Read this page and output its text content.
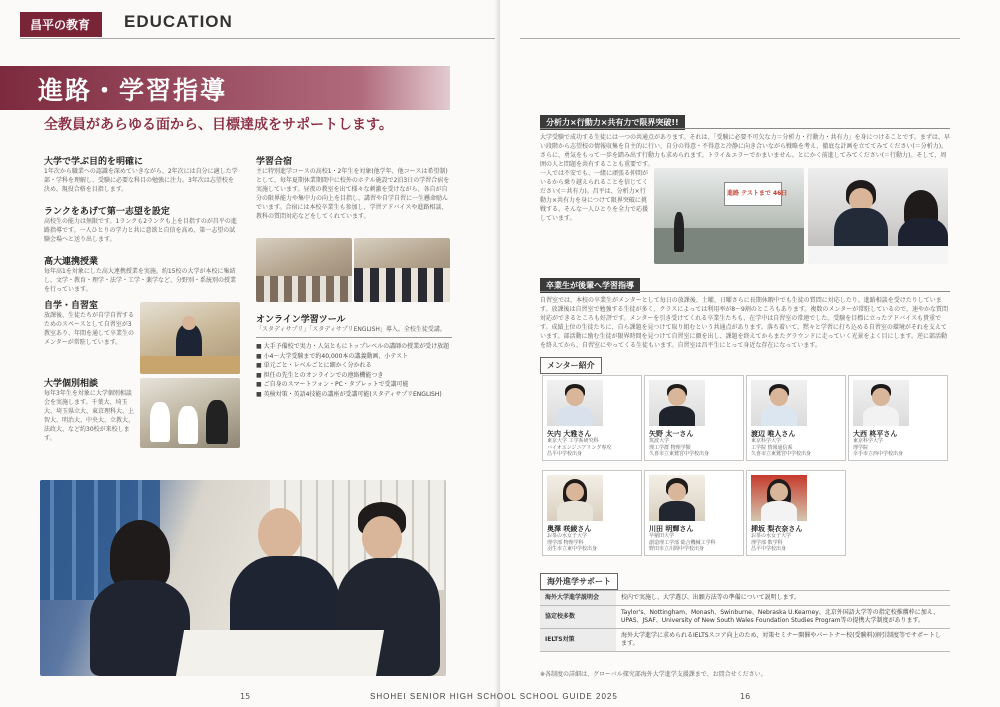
昌平の教育	EDUCATION
進路・学習指導
全教員があらゆる面から、目標達成をサポートします。
大学で学ぶ目的を明確に
1年次から職業への認識を深めていきながら、2年次には自分に適した学部・学科を理解し、受験に必要な科目の勉強に注力。3年次は志望校を決め、現役合格を目指します。
ランクをあげて第一志望を設定
高校生の能力は無限です。1ランクも2ランクも上を目指すのが昌平の進路指導です。一人ひとりの学力と共に意欲と自信を高め、第一志望の試験会場へと送り出します。
高大連携授業
毎年高1を対象にした高大連携授業を実施。約15校の大学が本校に集結し、文学・教育・理学・法学・工学・薬学など、分野別・系統別の授業を行っています。
自学・自習室
放課後、生徒たちが自学自習するためのスペースとして自習室が3教室あり、年間を通して卒業生のメンターが常駐しています。
大学個別相談
毎年3年生を対象に大学個別相談会を実施します。千葉大、埼玉大、埼玉県立大、東京理科大、上智大、明治大、中央大、立教大、法政大、など約30校が来校します。
学習合宿
主に特別進学コースの高校1・2年生を対象(他学年、他コースは希望制)として、毎年夏期休業期間中に校外のホテル施設で2泊3日の学習合宿を実施しています。昼夜の教室を出て様々な刺激を受けながら、各自が自分の限界能力や集中力の向上を目指し、講習や自学自習に一生懸命励んでいます。合宿には本校卒業生も参加し、学習アドバイスや進路相談、教科の質問対応などをしてくれています。
オンライン学習ツール
「スタディサプリ」「スタディサプリENGLISH」導入。全校生徒受講。
■ 大手予備校で実力・人気ともにトップレベルの講師の授業が受け放題
■ 小4〜大学受験まで約40,000本の講義動画、小テスト
■ 単元ごと・レベルごとに細かく分かれる
■ 担任の先生とのオンラインでの連絡機能つき
■ ご自身のスマートフォン・PC・タブレットで受講可能
■ 英検対策・英語4技能の講座が受講可能(スタディサプリENGLISH)
15
分析力×行動力×共有力で限界突破!!
大学受験で成功する生徒には一つの共通点があります。それは、「受験に必要不可欠な力＝分析力・行動力・共有力」を身につけることです。まずは、早い段階から志望校の情報収集を自主的に行い、自分の得意・不得意と冷静に向き合いながら戦略を考え、徹底な計画を立ててみてください(＝分析力)。さらに、勇気をもって一歩を踏み出す行動力も求められます。トライ＆エラーでかまいません。とにかく前進してみてください(＝行動力)。そして、周囲の人と問題を共有することも重要です。
一人では不安でも、一緒に頑張る仲間がいるから乗り越えられることを信じてください(＝共有力)。昌平は、分析力×行動力×共有力を身につけて限界突破に挑戦する、そんな一人ひとりを全力で応援しています。
進路 テストまで 46日
卒業生が後輩へ学習指導
自習室では、本校の卒業生がメンターとして毎日の放課後、土曜、日曜さらに長期休暇中でも生徒の質問に対応したり、進路相談を受けたりしています。放課後は自習室で勉強する生徒が多く、クラスによっては利用率が8〜9割のところもあります。複数のメンターが常駐しているので、速やかな質問対応ができるところも好評です。メンターを引き受けてくれる卒業生たちも、在学中は自習室の常連でした。受験を目標に立ったアドバイスも貴重です。成績上位の生徒たちに、自ら課題を見つけて取り組むという共通点があります。落ち着いて、黙々と学習に打ち込める自習室の環境がそれを支えています。部活動に励む生徒が限界時間を見つけて自習室に顔を出し、課題を終えてからまたグラウンドに走っていく光景をよく目にします。逆に部活動を終えてから、自習室にやってくる生徒もいます。自習室は昌平生にとって身近な存在になっています。
メンター紹介
矢内 大雅さん
東京大学 工学系研究科
バイオエンジニアリング専攻
昌平中学校出身
矢野 太一さん
筑波大学
理工学群 物理学類
久喜市立東鷲宮中学校出身
渡辺 唯人さん
東京科学大学
工学院 情報通信系
久喜市立東鷲宮中学校出身
大西 柊平さん
東京科学大学
理学院
幸手市立西中学校出身
奥澤 咲綾さん
お茶の水女子大学
理学部 物理学科
羽生市立東中学校出身
川田 明輝さん
早稲田大学
創造理工学部 総合機械工学科
野田市立川間中学校出身
挿坂 梨衣奈さん
お茶の水女子大学
理学部 数学科
昌平中学校出身
海外進学サポート
海外大学進学説明会	校内で実施し、大学選び、出願方法等の準備について説明します。
協定校多数	Taylor's、Nottingham、Monash、Swinburne、Nebraska U.Kearney、北京外国語大学等の指定校推薦枠に加え、UPAS、JSAF、University of New South Wales Foundation Studies Program等の提携大学制度があります。
IELTS対策	海外大学進学に求められるIELTSスコア向上のため、対策セミナー開催やパートナー校(受験料)割引制度等でサポートします。
※各制度の詳細は、グローバル探究部海外大学進学支援課まで、お問合せください。
SHOHEI SENIOR HIGH SCHOOL SCHOOL GUIDE 2025	16
